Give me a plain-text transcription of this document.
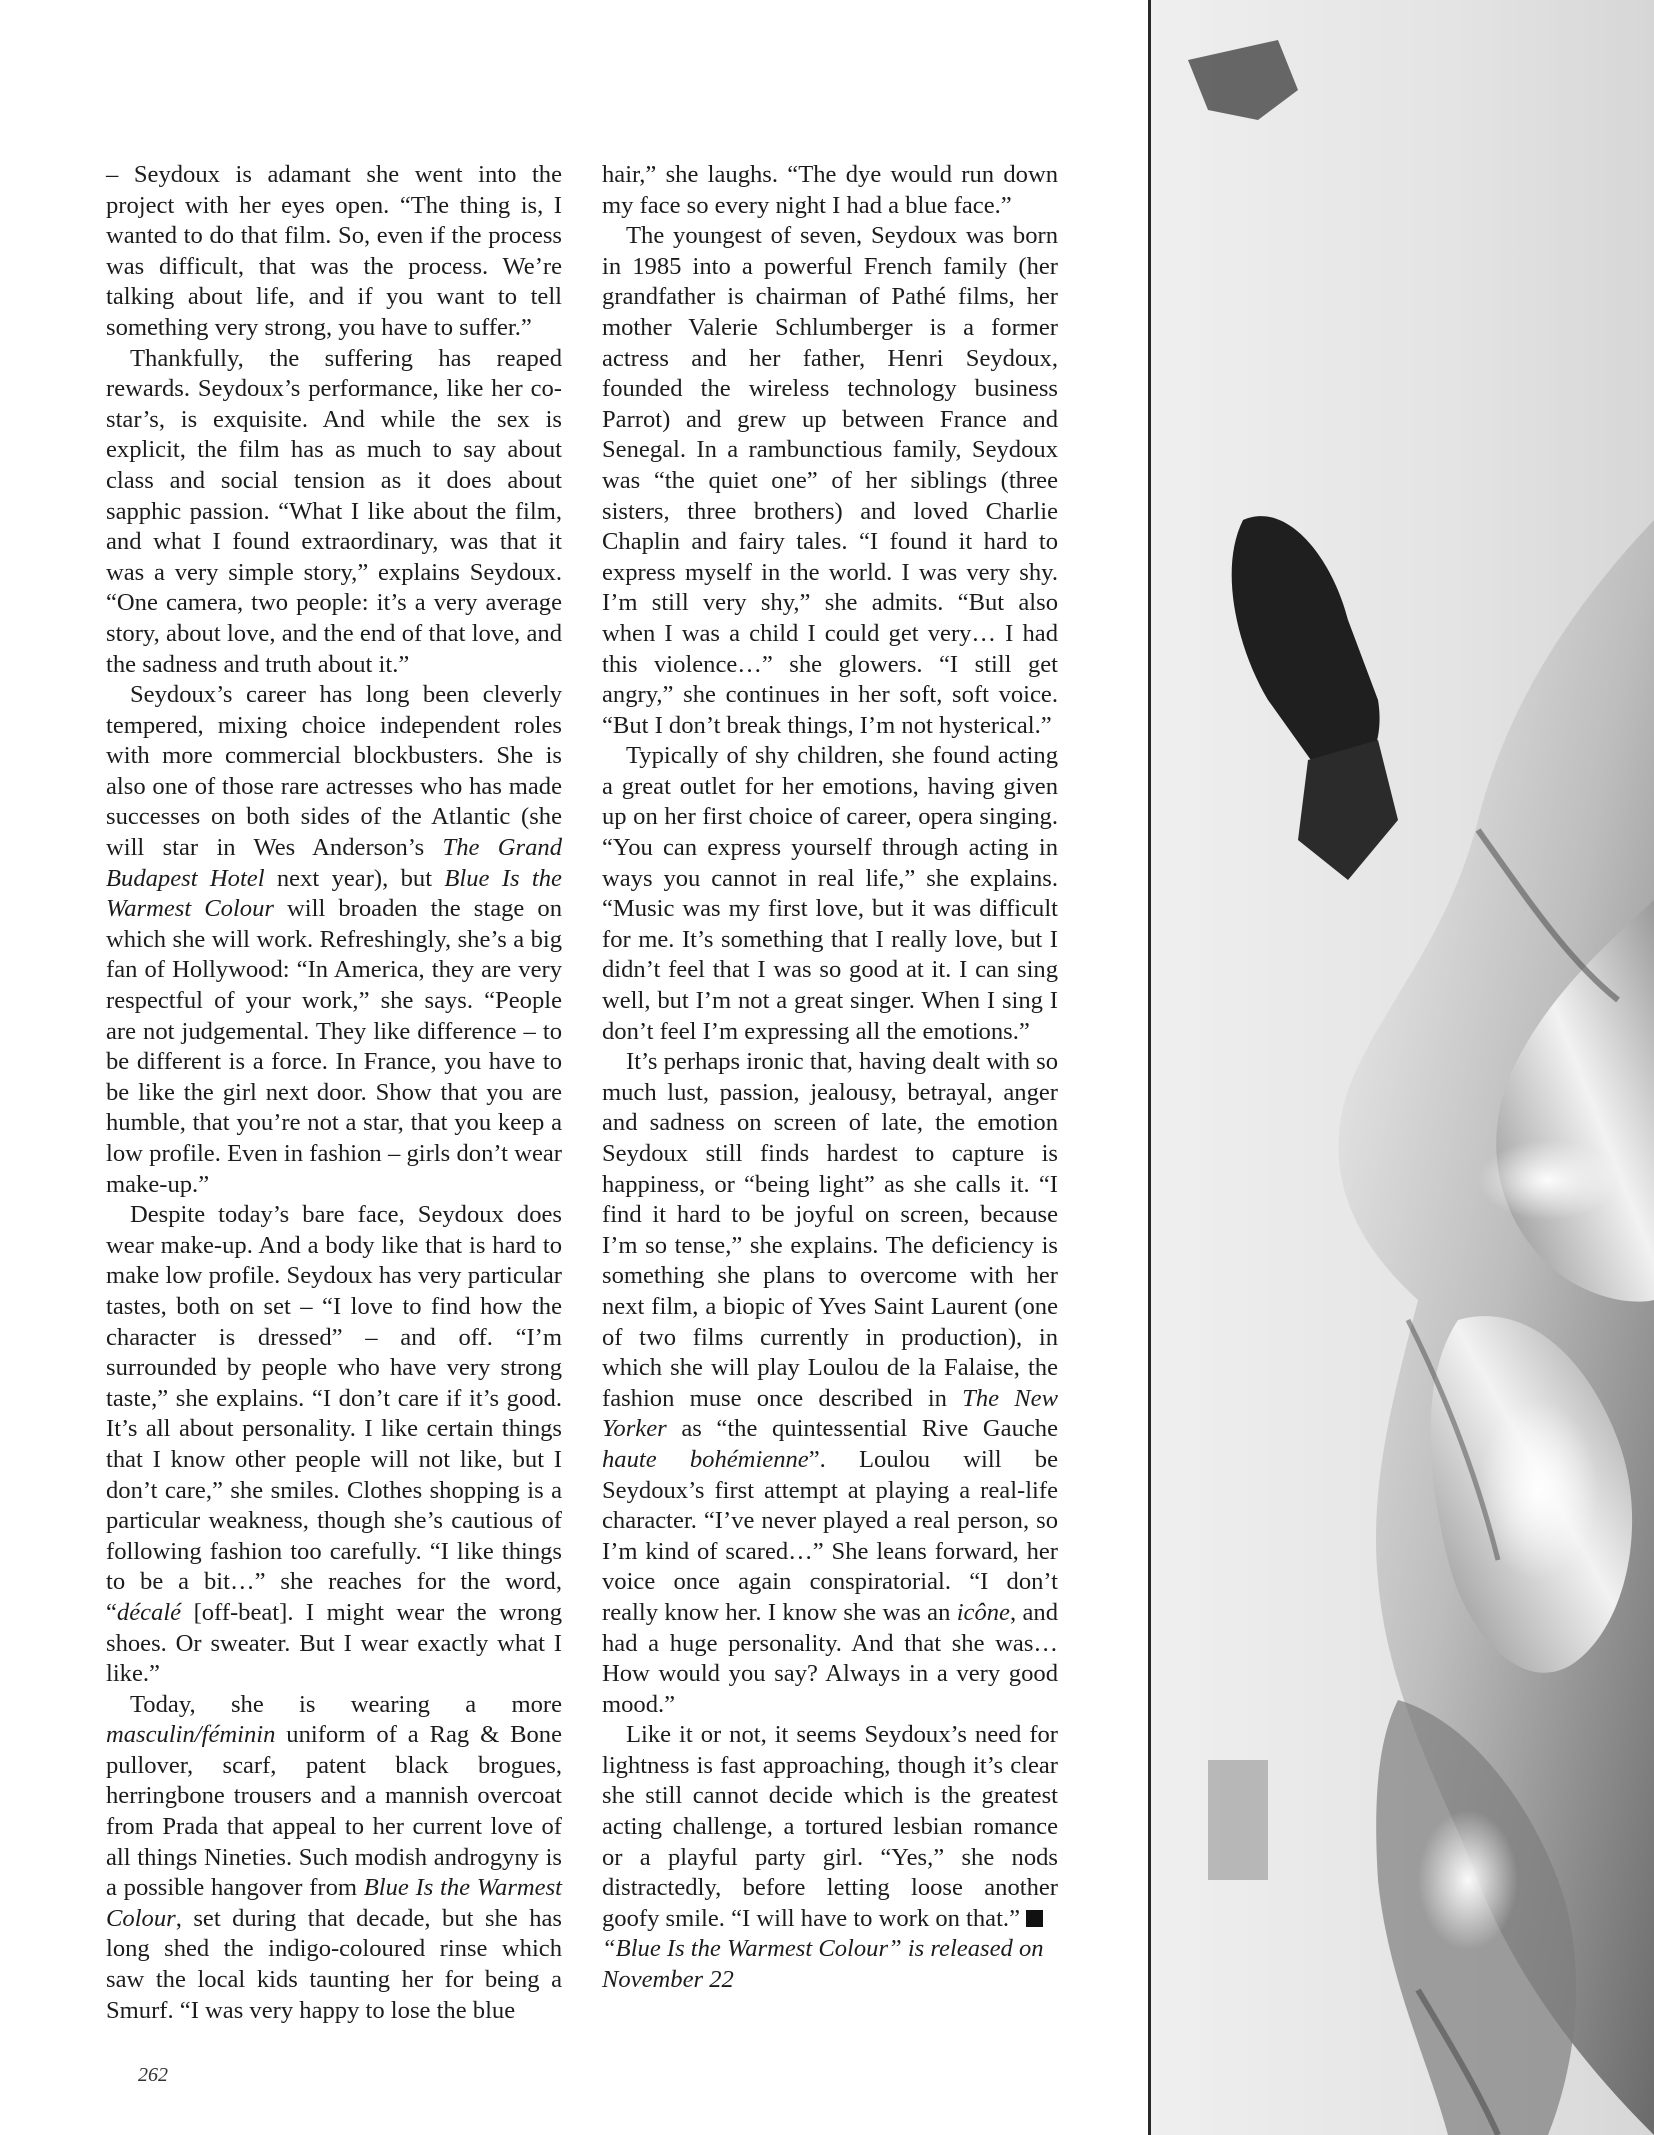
– Seydoux is adamant she went into the project with her eyes open. “The thing is, I wanted to do that film. So, even if the process was difficult, that was the process. We’re talking about life, and if you want to tell something very strong, you have to suffer.”

Thankfully, the suffering has reaped rewards. Seydoux’s performance, like her co-star’s, is exquisite. And while the sex is explicit, the film has as much to say about class and social tension as it does about sapphic passion. “What I like about the film, and what I found extraordinary, was that it was a very simple story,” explains Seydoux. “One camera, two people: it’s a very average story, about love, and the end of that love, and the sadness and truth about it.”

Seydoux’s career has long been cleverly tempered, mixing choice independent roles with more commercial blockbusters. She is also one of those rare actresses who has made successes on both sides of the Atlantic (she will star in Wes Anderson’s The Grand Budapest Hotel next year), but Blue Is the Warmest Colour will broaden the stage on which she will work. Refreshingly, she’s a big fan of Hollywood: “In America, they are very respectful of your work,” she says. “People are not judgemental. They like difference – to be different is a force. In France, you have to be like the girl next door. Show that you are humble, that you’re not a star, that you keep a low profile. Even in fashion – girls don’t wear make-up.”

Despite today’s bare face, Seydoux does wear make-up. And a body like that is hard to make low profile. Seydoux has very particular tastes, both on set – “I love to find how the character is dressed” – and off. “I’m surrounded by people who have very strong taste,” she explains. “I don’t care if it’s good. It’s all about personality. I like certain things that I know other people will not like, but I don’t care,” she smiles. Clothes shopping is a particular weakness, though she’s cautious of following fashion too carefully. “I like things to be a bit…” she reaches for the word, “décalé [off-beat]. I might wear the wrong shoes. Or sweater. But I wear exactly what I like.”

Today, she is wearing a more masculin/féminin uniform of a Rag & Bone pullover, scarf, patent black brogues, herringbone trousers and a mannish overcoat from Prada that appeal to her current love of all things Nineties. Such modish androgyny is a possible hangover from Blue Is the Warmest Colour, set during that decade, but she has long shed the indigo-coloured rinse which saw the local kids taunting her for being a Smurf. “I was very happy to lose the blue

hair,” she laughs. “The dye would run down my face so every night I had a blue face.”

The youngest of seven, Seydoux was born in 1985 into a powerful French family (her grandfather is chairman of Pathé films, her mother Valerie Schlumberger is a former actress and her father, Henri Seydoux, founded the wireless technology business Parrot) and grew up between France and Senegal. In a rambunctious family, Seydoux was “the quiet one” of her siblings (three sisters, three brothers) and loved Charlie Chaplin and fairy tales. “I found it hard to express myself in the world. I was very shy. I’m still very shy,” she admits. “But also when I was a child I could get very… I had this violence…” she glowers. “I still get angry,” she continues in her soft, soft voice. “But I don’t break things, I’m not hysterical.”

Typically of shy children, she found acting a great outlet for her emotions, having given up on her first choice of career, opera singing. “You can express yourself through acting in ways you cannot in real life,” she explains. “Music was my first love, but it was difficult for me. It’s something that I really love, but I didn’t feel that I was so good at it. I can sing well, but I’m not a great singer. When I sing I don’t feel I’m expressing all the emotions.”

It’s perhaps ironic that, having dealt with so much lust, passion, jealousy, betrayal, anger and sadness on screen of late, the emotion Seydoux still finds hardest to capture is happiness, or “being light” as she calls it. “I find it hard to be joyful on screen, because I’m so tense,” she explains. The deficiency is something she plans to overcome with her next film, a biopic of Yves Saint Laurent (one of two films currently in production), in which she will play Loulou de la Falaise, the fashion muse once described in The New Yorker as “the quintessential Rive Gauche haute bohémienne”. Loulou will be Seydoux’s first attempt at playing a real-life character. “I’ve never played a real person, so I’m kind of scared…” She leans forward, her voice once again conspiratorial. “I don’t really know her. I know she was an icône, and had a huge personality. And that she was… How would you say? Always in a very good mood.”

Like it or not, it seems Seydoux’s need for lightness is fast approaching, though it’s clear she still cannot decide which is the greatest acting challenge, a tortured lesbian romance or a playful party girl. “Yes,” she nods distractedly, before letting loose another goofy smile. “I will have to work on that.”

“Blue Is the Warmest Colour” is released on November 22

262
